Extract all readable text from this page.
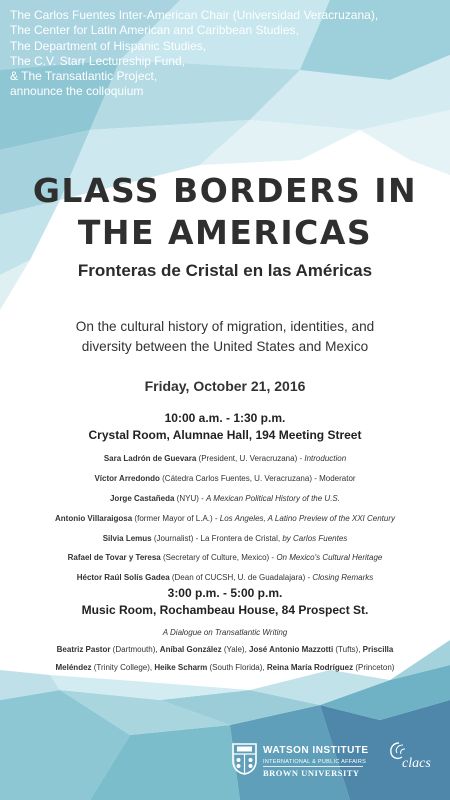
The Carlos Fuentes Inter-American Chair (Universidad Veracruzana),
The Center for Latin American and Caribbean Studies,
The Department of Hispanic Studies,
The C.V. Starr Lectureship Fund,
& The Transatlantic Project,
announce the colloquium
GLASS BORDERS IN
THE AMERICAS
Fronteras de Cristal en las Américas
On the cultural history of migration, identities, and
diversity between the United States and Mexico
Friday, October 21, 2016
10:00 a.m. - 1:30 p.m.
Crystal Room, Alumnae Hall, 194 Meeting Street
Sara Ladrón de Guevara (President, U. Veracruzana) - Introduction
Víctor Arredondo (Cátedra Carlos Fuentes, U. Veracruzana) - Moderator
Jorge Castañeda (NYU) - A Mexican Political History of the U.S.
Antonio Villaraigosa (former Mayor of L.A.) - Los Angeles, A Latino Preview of the XXI Century
Silvia Lemus (Journalist) - La Frontera de Cristal, by Carlos Fuentes
Rafael de Tovar y Teresa (Secretary of Culture, Mexico) - On Mexico's Cultural Heritage
Héctor Raúl Solís Gadea (Dean of CUCSH, U. de Guadalajara) - Closing Remarks
3:00 p.m. - 5:00 p.m.
Music Room, Rochambeau House, 84 Prospect St.
A Dialogue on Transatlantic Writing
Beatriz Pastor (Dartmouth), Aníbal González (Yale), José Antonio Mazzotti (Tufts), Priscilla
Meléndez (Trinity College), Heike Scharm (South Florida), Reina María Rodríguez (Princeton)
WATSON INSTITUTE
INTERNATIONAL & PUBLIC AFFAIRS
BROWN UNIVERSITY
clacs
